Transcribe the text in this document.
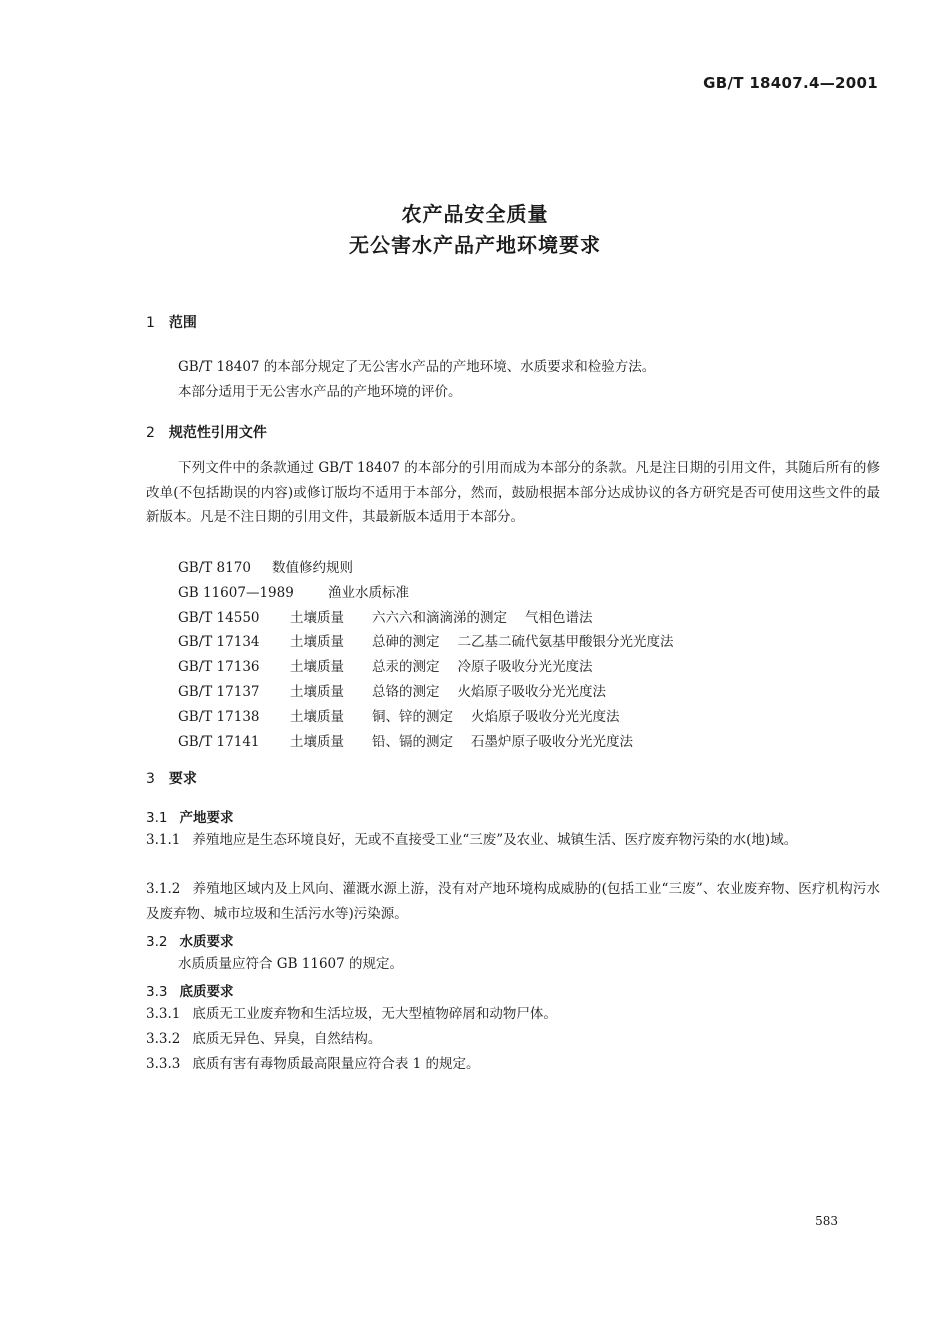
GB/T 18407.4—2001
农产品安全质量
无公害水产品产地环境要求
1 范围
GB/T 18407 的本部分规定了无公害水产品的产地环境、水质要求和检验方法。
本部分适用于无公害水产品的产地环境的评价。
2 规范性引用文件
下列文件中的条款通过 GB/T 18407 的本部分的引用而成为本部分的条款。凡是注日期的引用文件，其随后所有的修改单(不包括勘误的内容)或修订版均不适用于本部分，然而，鼓励根据本部分达成协议的各方研究是否可使用这些文件的最新版本。凡是不注日期的引用文件，其最新版本适用于本部分。
GB/T 8170 数值修约规则
GB 11607—1989	渔业水质标准
GB/T 14550 土壤质量 六六六和滴滴涕的测定 气相色谱法
GB/T 17134 土壤质量 总砷的测定 二乙基二硫代氨基甲酸银分光光度法
GB/T 17136 土壤质量 总汞的测定 冷原子吸收分光光度法
GB/T 17137 土壤质量 总铬的测定 火焰原子吸收分光光度法
GB/T 17138 土壤质量 铜、锌的测定 火焰原子吸收分光光度法
GB/T 17141 土壤质量 铅、镉的测定 石墨炉原子吸收分光光度法
3 要求
3.1 产地要求
3.1.1 养殖地应是生态环境良好，无或不直接受工业“三废”及农业、城镇生活、医疗废弃物污染的水(地)域。
3.1.2 养殖地区域内及上风向、灌溉水源上游，没有对产地环境构成威胁的(包括工业“三废”、农业废弃物、医疗机构污水及废弃物、城市垃圾和生活污水等)污染源。
3.2 水质要求
水质质量应符合 GB 11607 的规定。
3.3 底质要求
3.3.1 底质无工业废弃物和生活垃圾，无大型植物碎屑和动物尸体。
3.3.2 底质无异色、异臭，自然结构。
3.3.3 底质有害有毒物质最高限量应符合表 1 的规定。
583
